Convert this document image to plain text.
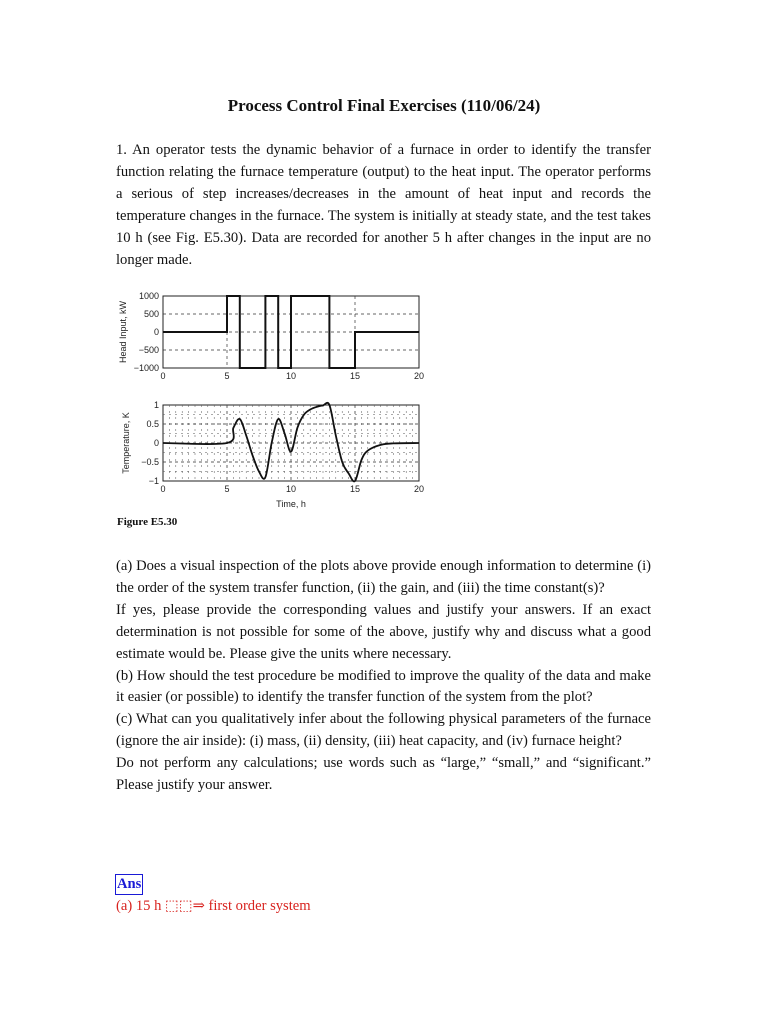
Process Control Final Exercises (110/06/24)

1. An operator tests the dynamic behavior of a furnace in order to identify the transfer function relating the furnace temperature (output) to the heat input. The operator performs a serious of step increases/decreases in the amount of heat input and records the temperature changes in the furnace. The system is initially at steady state, and the test takes 10 h (see Fig. E5.30). Data are recorded for another 5 h after changes in the input are no longer made.

0	5	10	15	20
1000
500
0
−500
−1000
Head Input, kW
0	5	10	15	20
1
0.5
0
−0.5
−1
Temperature, K
Time, h
Figure E5.30
(a) Does a visual inspection of the plots above provide enough information to determine (i) the order of the system transfer function, (ii) the gain, and (iii) the time constant(s)?
If yes, please provide the corresponding values and justify your answers. If an exact determination is not possible for some of the above, justify why and discuss what a good estimate would be. Please give the units where necessary.
(b) How should the test procedure be modified to improve the quality of the data and make it easier (or possible) to identify the transfer function of the system from the plot?
(c) What can you qualitatively infer about the following physical parameters of the furnace (ignore the air inside): (i) mass, (ii) density, (iii) heat capacity, and (iv) furnace height?
Do not perform any calculations; use words such as “large,” “small,” and “significant.” Please justify your answer.
Ans
(a) 15 h ⬚⬚⇒ first order system
